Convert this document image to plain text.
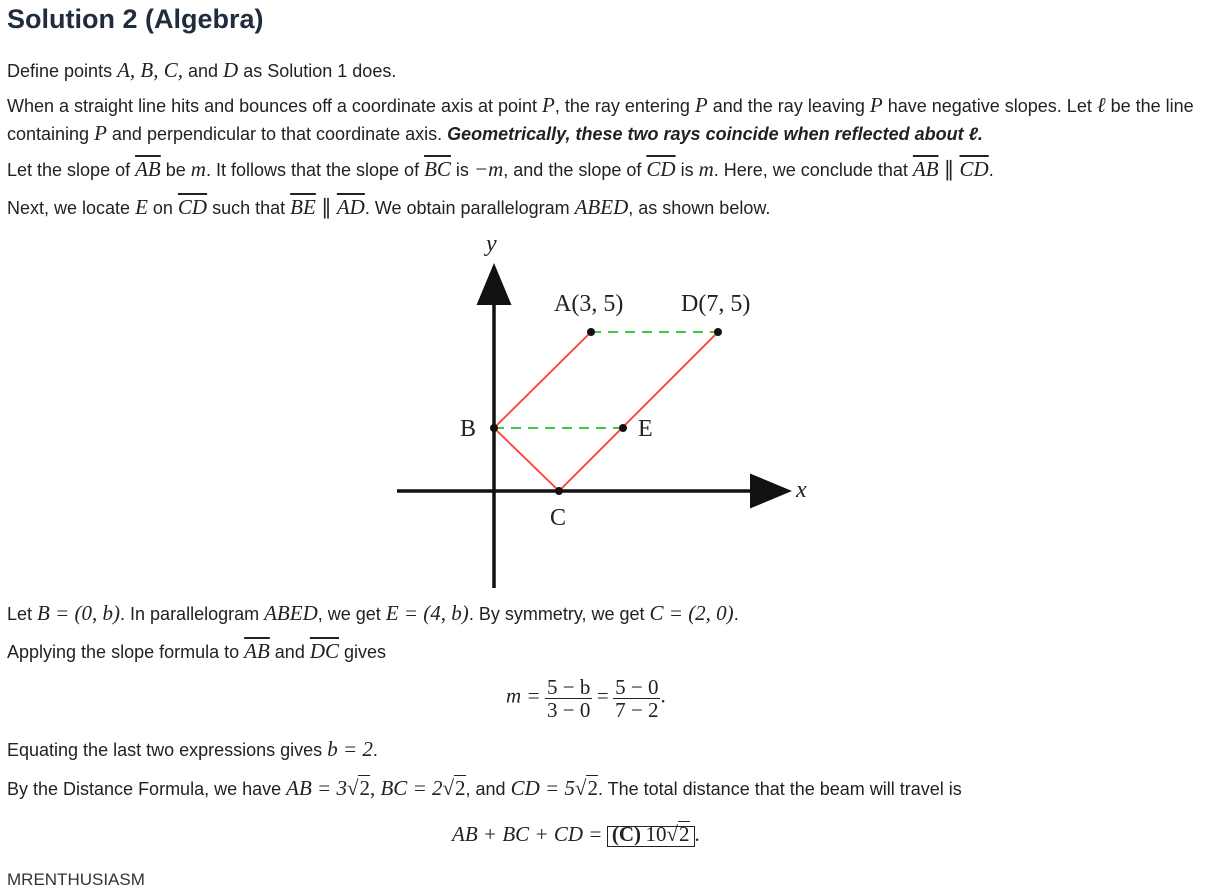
Solution 2 (Algebra)
Define points A, B, C, and D as Solution 1 does.
When a straight line hits and bounces off a coordinate axis at point P, the ray entering P and the ray leaving P have negative slopes. Let ℓ be the line containing P and perpendicular to that coordinate axis. Geometrically, these two rays coincide when reflected about ℓ.
Let the slope of $\overline{AB}$ be m. It follows that the slope of $\overline{BC}$ is −m, and the slope of $\overline{CD}$ is m. Here, we conclude that $\overline{AB}$ ∥ $\overline{CD}$.
Next, we locate E on $\overline{CD}$ such that $\overline{BE}$ ∥ $\overline{AD}$. We obtain parallelogram ABED, as shown below.
y
x
A(3, 5) D(7, 5)
B	E
C
Let B = (0, b). In parallelogram ABED, we get E = (4, b). By symmetry, we get C = (2, 0).
Applying the slope formula to $\overline{AB}$ and $\overline{DC}$ gives
$m = \frac{5 - b}{3 - 0} = \frac{5 - 0}{7 - 2}$ .
Equating the last two expressions gives b = 2.
By the Distance Formula, we have AB = 3√2, BC = 2√2, and CD = 5√2. The total distance that the beam will travel is
AB + BC + CD = (C) 10√2 .
MRENTHUSIASM
